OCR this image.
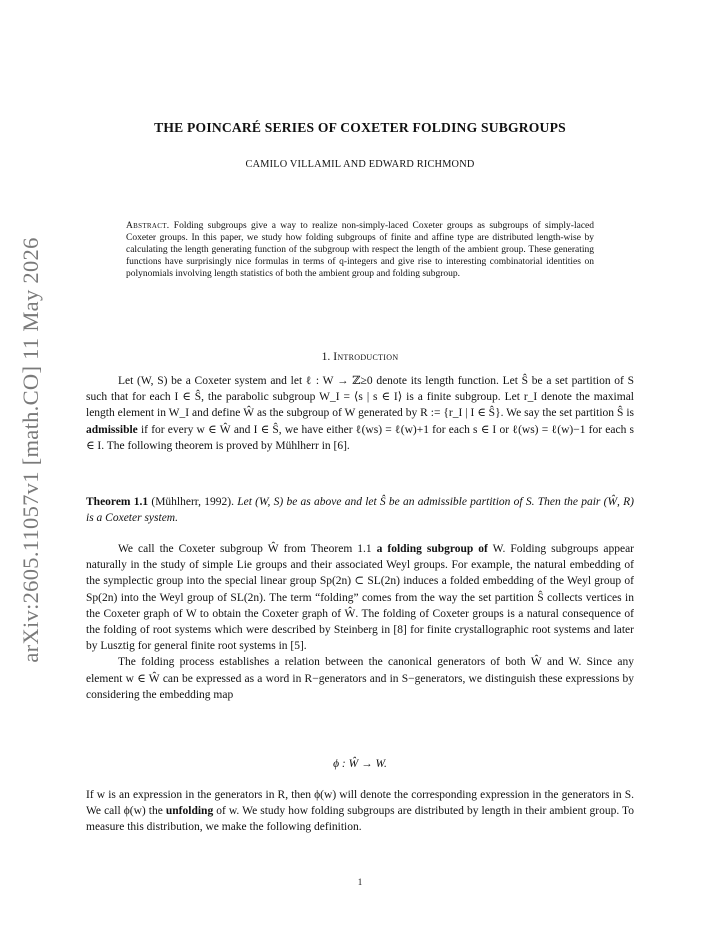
arXiv:2605.11057v1 [math.CO] 11 May 2026
THE POINCARÉ SERIES OF COXETER FOLDING SUBGROUPS
CAMILO VILLAMIL AND EDWARD RICHMOND
Abstract. Folding subgroups give a way to realize non-simply-laced Coxeter groups as subgroups of simply-laced Coxeter groups. In this paper, we study how folding subgroups of finite and affine type are distributed length-wise by calculating the length generating function of the subgroup with respect the length of the ambient group. These generating functions have surprisingly nice formulas in terms of q-integers and give rise to interesting combinatorial identities on polynomials involving length statistics of both the ambient group and folding subgroup.
1. Introduction

Let (W, S) be a Coxeter system and let ℓ : W → ℤ≥0 denote its length function. Let Ŝ be a set partition of S such that for each I ∈ Ŝ, the parabolic subgroup W_I = ⟨s | s ∈ I⟩ is a finite subgroup. Let r_I denote the maximal length element in W_I and define Ŵ as the subgroup of W generated by R := {r_I | I ∈ Ŝ}. We say the set partition Ŝ is admissible if for every w ∈ Ŵ and I ∈ Ŝ, we have either ℓ(ws) = ℓ(w)+1 for each s ∈ I or ℓ(ws) = ℓ(w)−1 for each s ∈ I. The following theorem is proved by Mühlherr in [6].

Theorem 1.1 (Mühlherr, 1992). Let (W, S) be as above and let Ŝ be an admissible partition of S. Then the pair (Ŵ, R) is a Coxeter system.

We call the Coxeter subgroup Ŵ from Theorem 1.1 a folding subgroup of W. Folding subgroups appear naturally in the study of simple Lie groups and their associated Weyl groups. For example, the natural embedding of the symplectic group into the special linear group Sp(2n) ⊂ SL(2n) induces a folded embedding of the Weyl group of Sp(2n) into the Weyl group of SL(2n). The term “folding” comes from the way the set partition Ŝ collects vertices in the Coxeter graph of W to obtain the Coxeter graph of Ŵ. The folding of Coxeter groups is a natural consequence of the folding of root systems which were described by Steinberg in [8] for finite crystallographic root systems and later by Lusztig for general finite root systems in [5].

The folding process establishes a relation between the canonical generators of both Ŵ and W. Since any element w ∈ Ŵ can be expressed as a word in R−generators and in S−generators, we distinguish these expressions by considering the embedding map

ϕ : Ŵ → W.

If w is an expression in the generators in R, then ϕ(w) will denote the corresponding expression in the generators in S. We call ϕ(w) the unfolding of w. We study how folding subgroups are distributed by length in their ambient group. To measure this distribution, we make the following definition.

1
